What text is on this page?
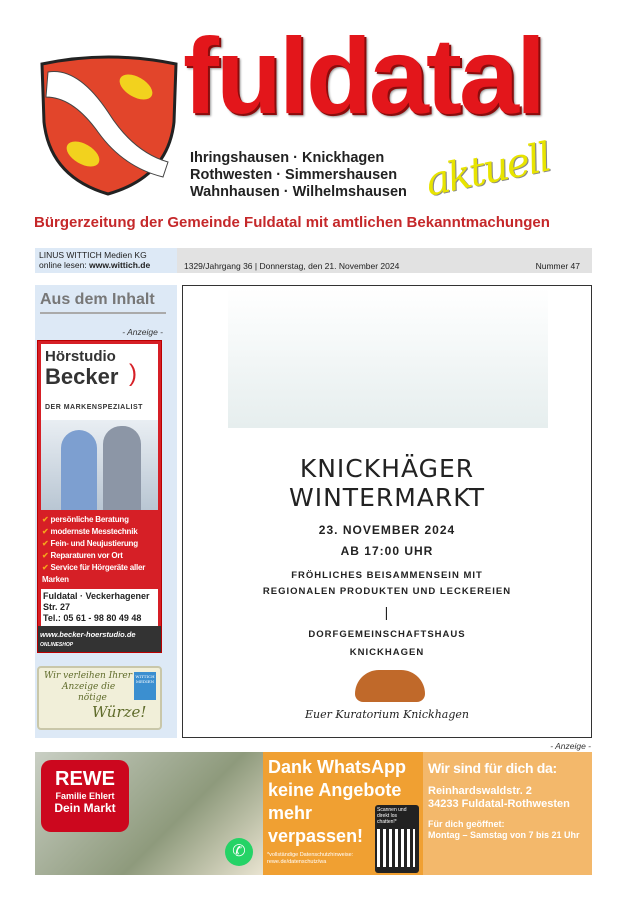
fuldatal
aktuell
Ihringshausen · Knickhagen
Rothwesten · Simmershausen
Wahnhausen · Wilhelmshausen
Bürgerzeitung der Gemeinde Fuldatal mit amtlichen Bekanntmachungen
LINUS WITTICH Medien KG
online lesen: www.wittich.de	1329/Jahrgang 36 | Donnerstag, den 21. November 2024	Nummer 47
Aus dem Inhalt
- Anzeige -
Hörstudio
Becker )
DER MARKENSPEZIALIST
✔ persönliche Beratung
✔ modernste Messtechnik
✔ Fein- und Neujustierung
✔ Reparaturen vor Ort
✔ Service für Hörgeräte aller Marken
Fuldatal · Veckerhagener Str. 27
Tel.: 05 61 - 98 80 49 48
www.becker-hoerstudio.de ONLINESHOP
Wir verleihen Ihrer
Anzeige die
nötige
Würze!
WITTICH MEDIEN
KNICKHÄGER
WINTERMARKT
23. NOVEMBER 2024
AB 17:00 UHR
FRÖHLICHES BEISAMMENSEIN MIT
REGIONALEN PRODUKTEN UND LECKEREIEN
|
DORFGEMEINSCHAFTSHAUS
KNICKHAGEN
Euer Kuratorium Knickhagen
- Anzeige -
REWE
Familie Ehlert
Dein Markt
✆
Dank WhatsApp
keine Angebote
mehr
verpassen!
*vollständige Datenschutzhinweise: rewe.de/datenschutz/wa
Scannen und direkt los chatten!*
Wir sind für dich da:
Reinhardswaldstr. 2
34233 Fuldatal-Rothwesten
Für dich geöffnet:
Montag – Samstag von 7 bis 21 Uhr
